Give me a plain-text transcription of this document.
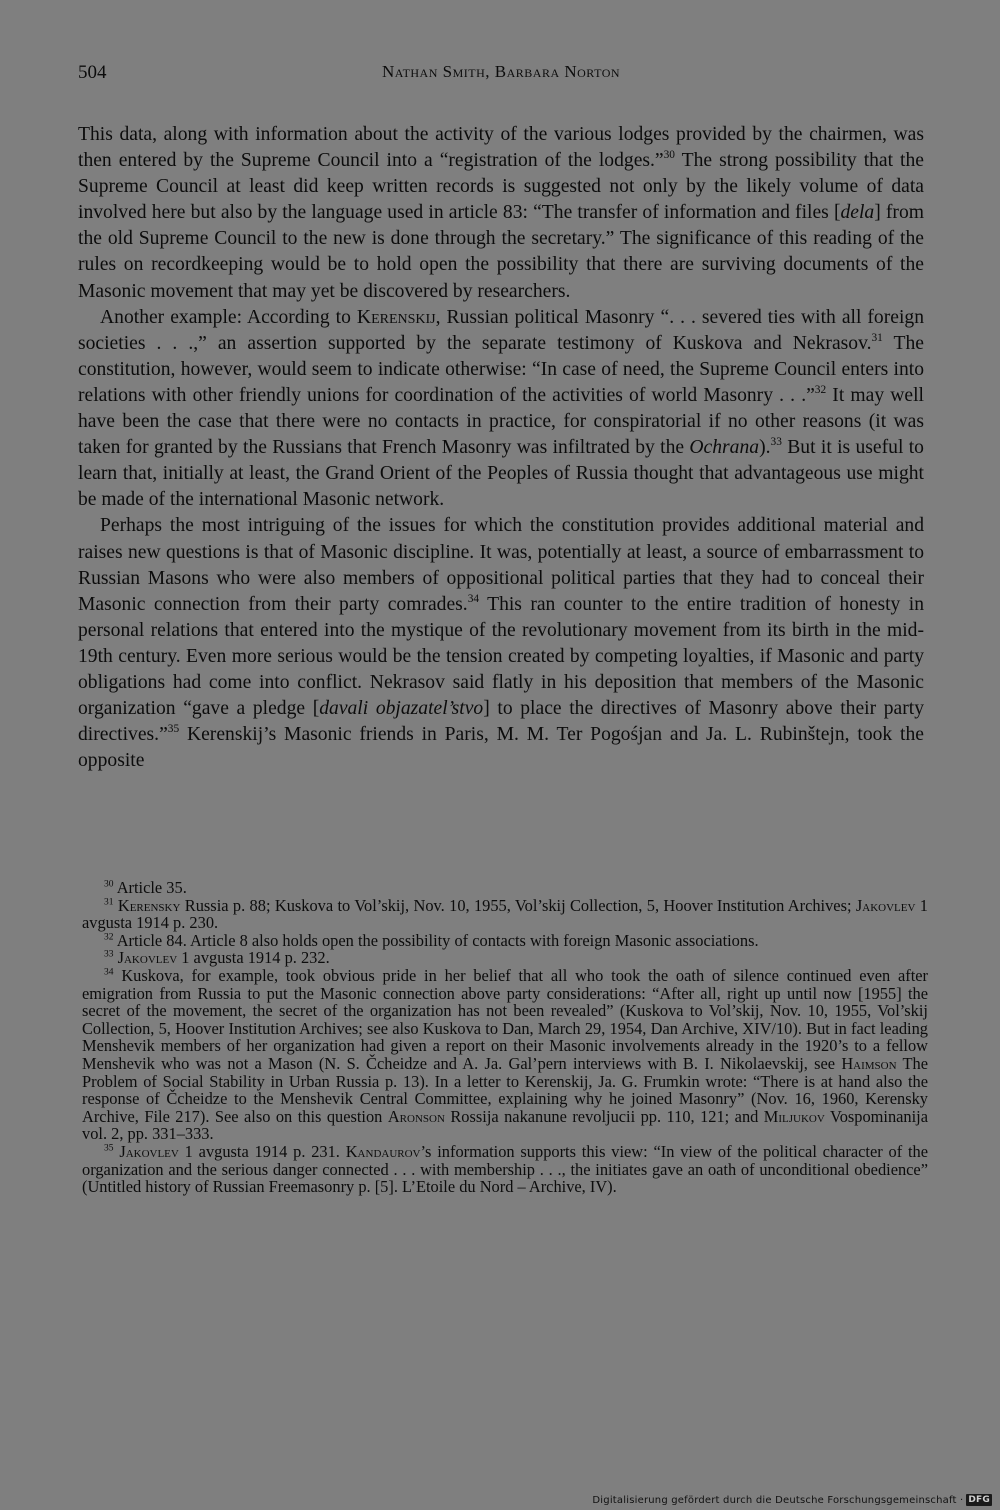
504	Nathan Smith, Barbara Norton

This data, along with information about the activity of the various lodges provided by the chairmen, was then entered by the Supreme Council into a “registration of the lodges.”$^{30}$ The strong possibility that the Supreme Council at least did keep written records is suggested not only by the likely volume of data involved here but also by the language used in article 83: “The transfer of information and files [dela] from the old Supreme Council to the new is done through the secretary.” The significance of this reading of the rules on recordkeeping would be to hold open the possibility that there are surviving documents of the Masonic movement that may yet be discovered by researchers.

Another example: According to Kerenskij, Russian political Masonry “. . . severed ties with all foreign societies . . .,” an assertion supported by the separate testimony of Kuskova and Nekrasov.$^{31}$ The constitution, however, would seem to indicate otherwise: “In case of need, the Supreme Council enters into relations with other friendly unions for coordination of the activities of world Masonry . . .”$^{32}$ It may well have been the case that there were no contacts in practice, for conspiratorial if no other reasons (it was taken for granted by the Russians that French Masonry was infiltrated by the Ochrana).$^{33}$ But it is useful to learn that, initially at least, the Grand Orient of the Peoples of Russia thought that advantageous use might be made of the international Masonic network.

Perhaps the most intriguing of the issues for which the constitution provides additional material and raises new questions is that of Masonic discipline. It was, potentially at least, a source of embarrassment to Russian Masons who were also members of oppositional political parties that they had to conceal their Masonic connection from their party comrades.$^{34}$ This ran counter to the entire tradition of honesty in personal relations that entered into the mystique of the revolutionary movement from its birth in the mid-19th century. Even more serious would be the tension created by competing loyalties, if Masonic and party obligations had come into conflict. Nekrasov said flatly in his deposition that members of the Masonic organization “gave a pledge [davali objazatel’stvo] to place the directives of Masonry above their party directives.”$^{35}$ Kerenskij’s Masonic friends in Paris, M. M. Ter Pogośjan and Ja. L. Rubinštejn, took the opposite

$^{30}$ Article 35.

$^{31}$ Kerensky Russia p. 88; Kuskova to Vol’skij, Nov. 10, 1955, Vol’skij Collection, 5, Hoover Institution Archives; Jakovlev 1 avgusta 1914 p. 230.

$^{32}$ Article 84. Article 8 also holds open the possibility of contacts with foreign Masonic associations.

$^{33}$ Jakovlev 1 avgusta 1914 p. 232.

$^{34}$ Kuskova, for example, took obvious pride in her belief that all who took the oath of silence continued even after emigration from Russia to put the Masonic connection above party considerations: “After all, right up until now [1955] the secret of the movement, the secret of the organization has not been revealed” (Kuskova to Vol’skij, Nov. 10, 1955, Vol’skij Collection, 5, Hoover Institution Archives; see also Kuskova to Dan, March 29, 1954, Dan Archive, XIV/10). But in fact leading Menshevik members of her organization had given a report on their Masonic involvements already in the 1920’s to a fellow Menshevik who was not a Mason (N. S. Čcheidze and A. Ja. Gal’pern interviews with B. I. Nikolaevskij, see Haimson The Problem of Social Stability in Urban Russia p. 13). In a letter to Kerenskij, Ja. G. Frumkin wrote: “There is at hand also the response of Čcheidze to the Menshevik Central Committee, explaining why he joined Masonry” (Nov. 16, 1960, Kerensky Archive, File 217). See also on this question Aronson Rossija nakanune revoljucii pp. 110, 121; and Miljukov Vospominanija vol. 2, pp. 331–333.

$^{35}$ Jakovlev 1 avgusta 1914 p. 231. Kandaurov’s information supports this view: “In view of the political character of the organization and the serious danger connected . . . with membership . . ., the initiates gave an oath of unconditional obedience” (Untitled history of Russian Freemasonry p. [5]. L’Etoile du Nord – Archive, IV).

Digitalisierung gefördert durch die Deutsche Forschungsgemeinschaft · DFG
